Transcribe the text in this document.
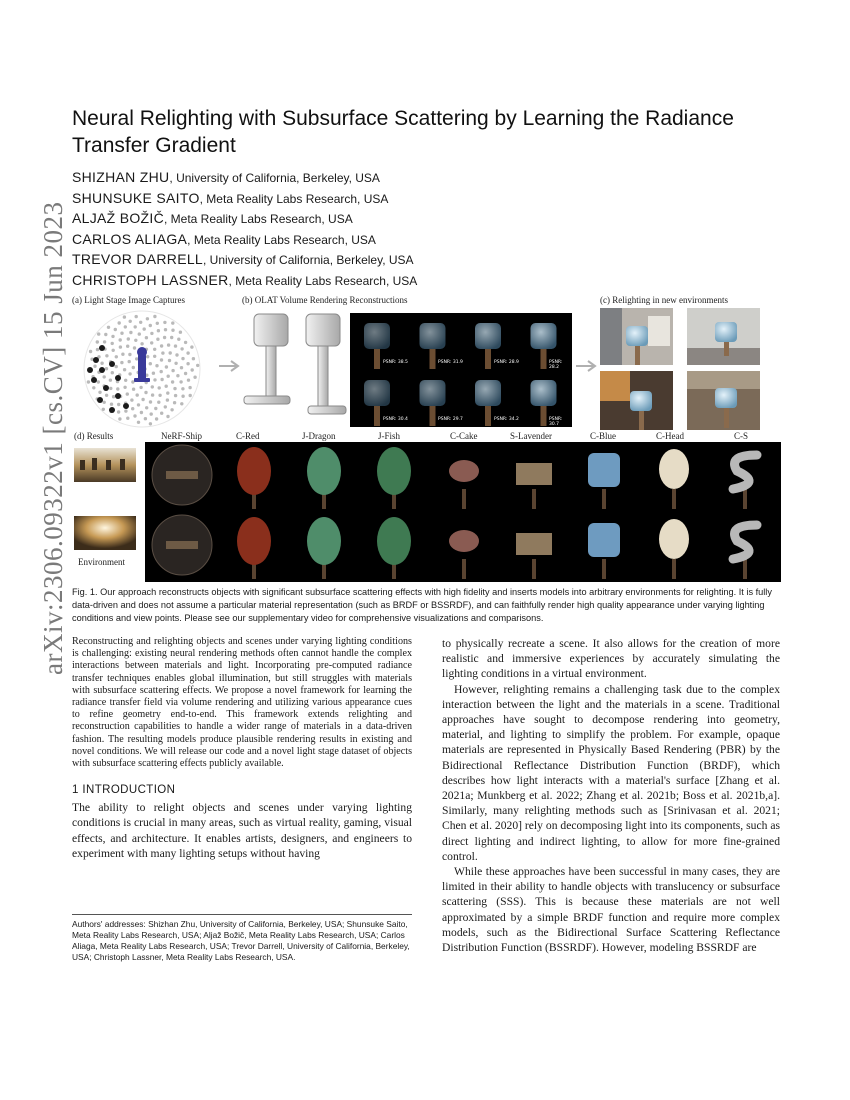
arXiv:2306.09322v1 [cs.CV] 15 Jun 2023
Neural Relighting with Subsurface Scattering by Learning the Radiance Transfer Gradient
SHIZHAN ZHU, University of California, Berkeley, USA
SHUNSUKE SAITO, Meta Reality Labs Research, USA
ALJAŽ BOŽIČ, Meta Reality Labs Research, USA
CARLOS ALIAGA, Meta Reality Labs Research, USA
TREVOR DARRELL, University of California, Berkeley, USA
CHRISTOPH LASSNER, Meta Reality Labs Research, USA
(a) Light Stage Image Captures	(b) OLAT Volume Rendering Reconstructions	(c) Relighting in new environments
(d) Results
PSNR: 38.5	PSNR: 31.9	PSNR: 28.9	PSNR: 28.2
PSNR: 30.4	PSNR: 29.7	PSNR: 34.2	PSNR: 30.7
NeRF-Ship	C-Red	J-Dragon	J-Fish	C-Cake	S-Lavender	C-Blue	C-Head	C-S
Environment

Fig. 1. Our approach reconstructs objects with significant subsurface scattering effects with high fidelity and inserts models into arbitrary environments for relighting. It is fully data-driven and does not assume a particular material representation (such as BRDF or BSSRDF), and can faithfully render high quality appearance under varying lighting conditions and view points. Please see our supplementary video for comprehensive visualizations and comparisons.

Reconstructing and relighting objects and scenes under varying lighting conditions is challenging: existing neural rendering methods often cannot handle the complex interactions between materials and light. Incorporating pre-computed radiance transfer techniques enables global illumination, but still struggles with materials with subsurface scattering effects. We propose a novel framework for learning the radiance transfer field via volume rendering and utilizing various appearance cues to refine geometry end-to-end. This framework extends relighting and reconstruction capabilities to handle a wider range of materials in a data-driven fashion. The resulting models produce plausible rendering results in existing and novel conditions. We will release our code and a novel light stage dataset of objects with subsurface scattering effects publicly available.

1 INTRODUCTION

The ability to relight objects and scenes under varying lighting conditions is crucial in many areas, such as virtual reality, gaming, visual effects, and architecture. It enables artists, designers, and engineers to experiment with many lighting setups without having

Authors' addresses: Shizhan Zhu, University of California, Berkeley, USA; Shunsuke Saito, Meta Reality Labs Research, USA; Aljaž Božič, Meta Reality Labs Research, USA; Carlos Aliaga, Meta Reality Labs Research, USA; Trevor Darrell, University of California, Berkeley, USA; Christoph Lassner, Meta Reality Labs Research, USA.

to physically recreate a scene. It also allows for the creation of more realistic and immersive experiences by accurately simulating the lighting conditions in a virtual environment.

However, relighting remains a challenging task due to the complex interaction between the light and the materials in a scene. Traditional approaches have sought to decompose rendering into geometry, material, and lighting to simplify the problem. For example, opaque materials are represented in Physically Based Rendering (PBR) by the Bidirectional Reflectance Distribution Function (BRDF), which describes how light interacts with a material's surface [Zhang et al. 2021a; Munkberg et al. 2022; Zhang et al. 2021b; Boss et al. 2021b,a]. Similarly, many relighting methods such as [Srinivasan et al. 2021; Chen et al. 2020] rely on decomposing light into its components, such as direct lighting and indirect lighting, to allow for more fine-grained control.

While these approaches have been successful in many cases, they are limited in their ability to handle objects with translucency or subsurface scattering (SSS). This is because these materials are not well approximated by a simple BRDF function and require more complex models, such as the Bidirectional Surface Scattering Reflectance Distribution Function (BSSRDF). However, modeling BSSRDF are
